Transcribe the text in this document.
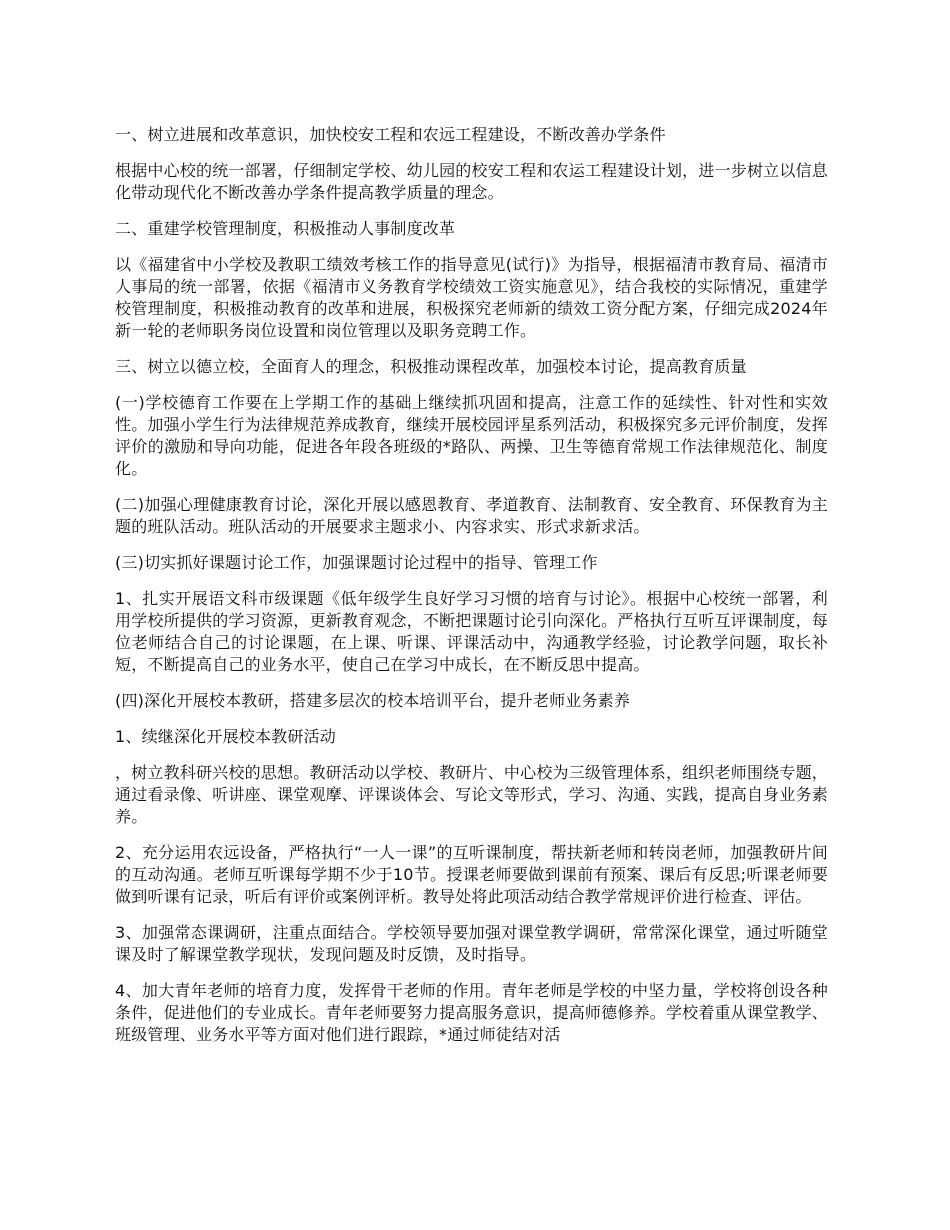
一、树立进展和改革意识，加快校安工程和农远工程建设，不断改善办学条件

根据中心校的统一部署，仔细制定学校、幼儿园的校安工程和农运工程建设计划，进一步树立以信息化带动现代化不断改善办学条件提高教学质量的理念。

二、重建学校管理制度，积极推动人事制度改革

以《福建省中小学校及教职工绩效考核工作的指导意见(试行)》为指导，根据福清市教育局、福清市人事局的统一部署，依据《福清市义务教育学校绩效工资实施意见》，结合我校的实际情况，重建学校管理制度，积极推动教育的改革和进展，积极探究老师新的绩效工资分配方案，仔细完成2024年新一轮的老师职务岗位设置和岗位管理以及职务竞聘工作。

三、树立以德立校，全面育人的理念，积极推动课程改革，加强校本讨论，提高教育质量

(一)学校德育工作要在上学期工作的基础上继续抓巩固和提高，注意工作的延续性、针对性和实效性。加强小学生行为法律规范养成教育，继续开展校园评星系列活动，积极探究多元评价制度，发挥评价的激励和导向功能，促进各年段各班级的*路队、两操、卫生等德育常规工作法律规范化、制度化。

(二)加强心理健康教育讨论，深化开展以感恩教育、孝道教育、法制教育、安全教育、环保教育为主题的班队活动。班队活动的开展要求主题求小、内容求实、形式求新求活。

(三)切实抓好课题讨论工作，加强课题讨论过程中的指导、管理工作

1、扎实开展语文科市级课题《低年级学生良好学习习惯的培育与讨论》。根据中心校统一部署，利用学校所提供的学习资源，更新教育观念，不断把课题讨论引向深化。严格执行互听互评课制度，每位老师结合自己的讨论课题，在上课、听课、评课活动中，沟通教学经验，讨论教学问题，取长补短，不断提高自己的业务水平，使自己在学习中成长，在不断反思中提高。

(四)深化开展校本教研，搭建多层次的校本培训平台，提升老师业务素养

1、续继深化开展校本教研活动

，树立教科研兴校的思想。教研活动以学校、教研片、中心校为三级管理体系，组织老师围绕专题，通过看录像、听讲座、课堂观摩、评课谈体会、写论文等形式，学习、沟通、实践，提高自身业务素养。

2、充分运用农远设备，严格执行“一人一课”的互听课制度，帮扶新老师和转岗老师，加强教研片间的互动沟通。老师互听课每学期不少于10节。授课老师要做到课前有预案、课后有反思;听课老师要做到听课有记录，听后有评价或案例评析。教导处将此项活动结合教学常规评价进行检查、评估。

3、加强常态课调研，注重点面结合。学校领导要加强对课堂教学调研，常常深化课堂，通过听随堂课及时了解课堂教学现状，发现问题及时反馈，及时指导。

4、加大青年老师的培育力度，发挥骨干老师的作用。青年老师是学校的中坚力量，学校将创设各种条件，促进他们的专业成长。青年老师要努力提高服务意识，提高师德修养。学校着重从课堂教学、班级管理、业务水平等方面对他们进行跟踪，*通过师徒结对活
